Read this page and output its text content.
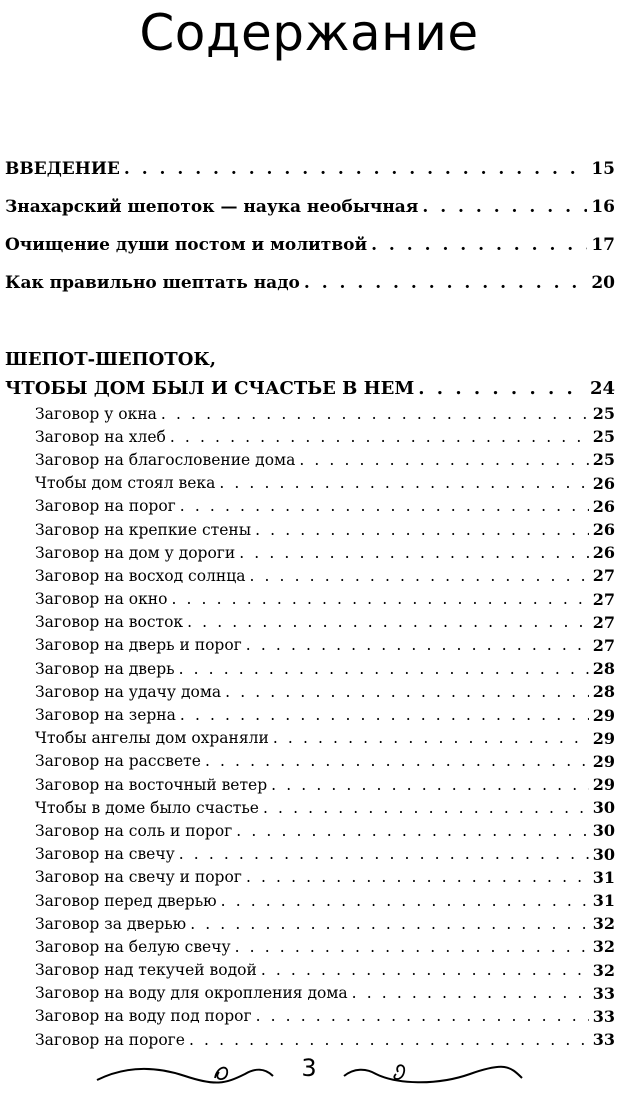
Содержание
ВВЕДЕНИЕ . . .	15
Знахарский шепоток — наука необычная . . .	16
Очищение души постом и молитвой . . .	17
Как правильно шептать надо . . .	20
ШЕПОТ-ШЕПОТОК,
ЧТОБЫ ДОМ БЫЛ И СЧАСТЬЕ В НЕМ . . .	24
Заговор у окна . . .	25
Заговор на хлеб . . .	25
Заговор на благословение дома . . .	25
Чтобы дом стоял века . . .	26
Заговор на порог . . .	26
Заговор на крепкие стены . . .	26
Заговор на дом у дороги . . .	26
Заговор на восход солнца . . .	27
Заговор на окно . . .	27
Заговор на восток . . .	27
Заговор на дверь и порог . . .	27
Заговор на дверь . . .	28
Заговор на удачу дома . . .	28
Заговор на зерна . . .	29
Чтобы ангелы дом охраняли . . .	29
Заговор на рассвете . . .	29
Заговор на восточный ветер . . .	29
Чтобы в доме было счастье . . .	30
Заговор на соль и порог . . .	30
Заговор на свечу . . .	30
Заговор на свечу и порог . . .	31
Заговор перед дверью . . .	31
Заговор за дверью . . .	32
Заговор на белую свечу . . .	32
Заговор над текучей водой . . .	32
Заговор на воду для окропления дома . . .	33
Заговор на воду под порог . . .	33
Заговор на пороге . . .	33
3
